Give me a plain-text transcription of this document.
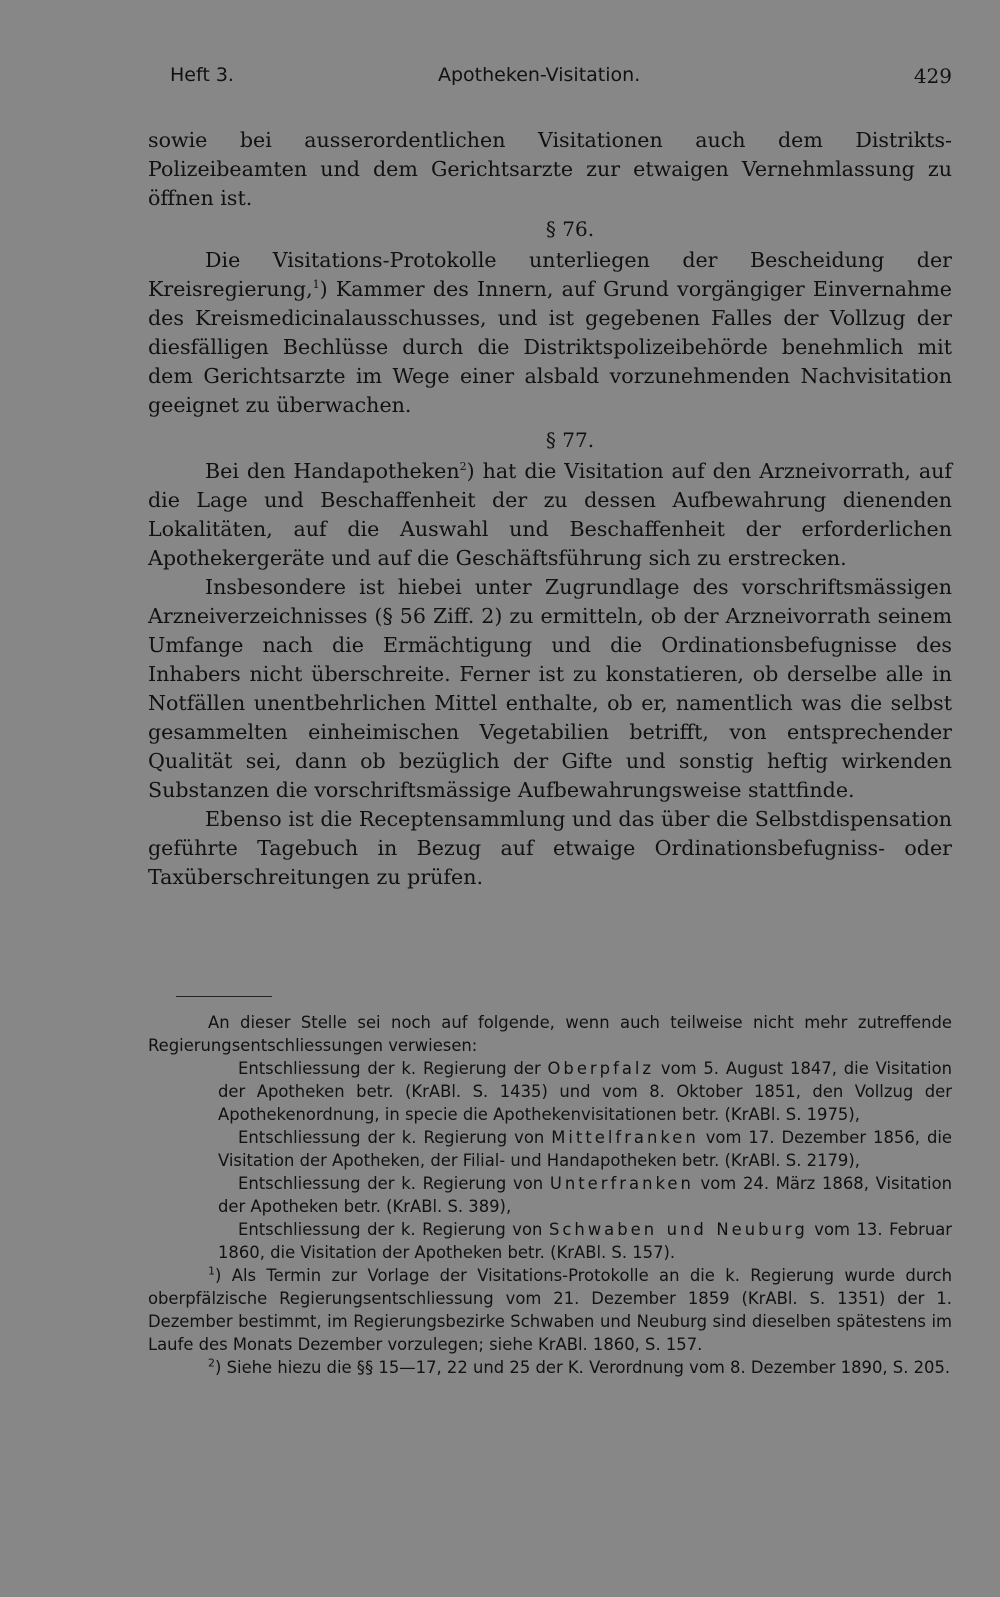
Heft 3.	Apotheken-Visitation.	429

sowie bei ausserordentlichen Visitationen auch dem Distrikts-Polizeibeamten und dem Gerichtsarzte zur etwaigen Vernehmlassung zu öffnen ist.

§ 76.

Die Visitations-Protokolle unterliegen der Bescheidung der Kreisregierung,$^1$) Kammer des Innern, auf Grund vorgängiger Einvernahme des Kreismedicinalausschusses, und ist gegebenen Falles der Vollzug der diesfälligen Bechlüsse durch die Distriktspolizeibehörde benehmlich mit dem Gerichtsarzte im Wege einer alsbald vorzunehmenden Nachvisitation geeignet zu überwachen.

§ 77.

Bei den Handapotheken$^2$) hat die Visitation auf den Arzneivorrath, auf die Lage und Beschaffenheit der zu dessen Aufbewahrung dienenden Lokalitäten, auf die Auswahl und Beschaffenheit der erforderlichen Apothekergeräte und auf die Geschäftsführung sich zu erstrecken.

Insbesondere ist hiebei unter Zugrundlage des vorschriftsmässigen Arzneiverzeichnisses (§ 56 Ziff. 2) zu ermitteln, ob der Arzneivorrath seinem Umfange nach die Ermächtigung und die Ordinationsbefugnisse des Inhabers nicht überschreite. Ferner ist zu konstatieren, ob derselbe alle in Notfällen unentbehrlichen Mittel enthalte, ob er, namentlich was die selbst gesammelten einheimischen Vegetabilien betrifft, von entsprechender Qualität sei, dann ob bezüglich der Gifte und sonstig heftig wirkenden Substanzen die vorschriftsmässige Aufbewahrungsweise stattfinde.

Ebenso ist die Receptensammlung und das über die Selbstdispensation geführte Tagebuch in Bezug auf etwaige Ordinationsbefugniss- oder Taxüberschreitungen zu prüfen.

An dieser Stelle sei noch auf folgende, wenn auch teilweise nicht mehr zutreffende Regierungsentschliessungen verwiesen:

Entschliessung der k. Regierung der Oberpfalz vom 5. August 1847, die Visitation der Apotheken betr. (KrABl. S. 1435) und vom 8. Oktober 1851, den Vollzug der Apothekenordnung, in specie die Apothekenvisitationen betr. (KrABl. S. 1975),

Entschliessung der k. Regierung von Mittelfranken vom 17. Dezember 1856, die Visitation der Apotheken, der Filial- und Handapotheken betr. (KrABl. S. 2179),

Entschliessung der k. Regierung von Unterfranken vom 24. März 1868, Visitation der Apotheken betr. (KrABl. S. 389),

Entschliessung der k. Regierung von Schwaben und Neuburg vom 13. Februar 1860, die Visitation der Apotheken betr. (KrABl. S. 157).

$^1$) Als Termin zur Vorlage der Visitations-Protokolle an die k. Regierung wurde durch oberpfälzische Regierungsentschliessung vom 21. Dezember 1859 (KrABl. S. 1351) der 1. Dezember bestimmt, im Regierungsbezirke Schwaben und Neuburg sind dieselben spätestens im Laufe des Monats Dezember vorzulegen; siehe KrABl. 1860, S. 157.

$^2$) Siehe hiezu die §§ 15—17, 22 und 25 der K. Verordnung vom 8. Dezember 1890, S. 205.
